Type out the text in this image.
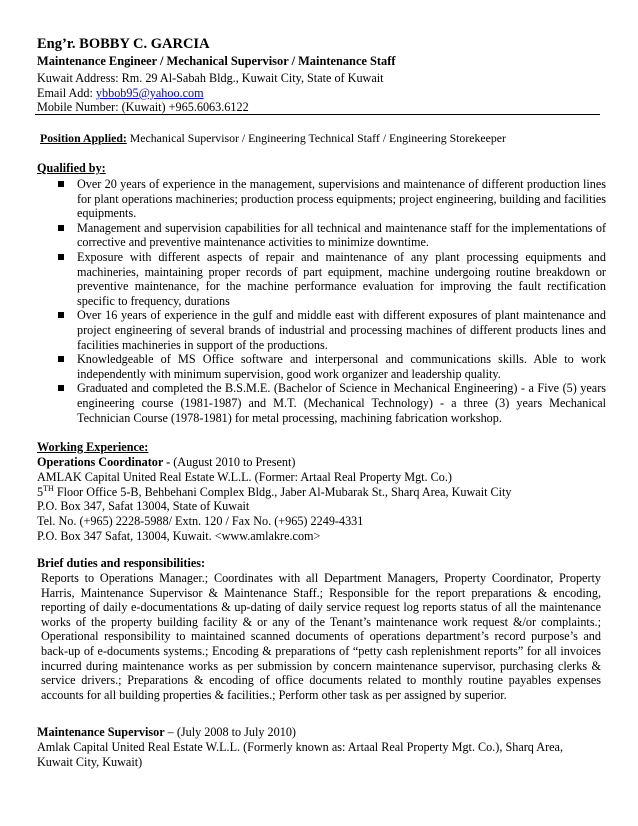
Eng’r. BOBBY C. GARCIA
Maintenance Engineer / Mechanical Supervisor / Maintenance Staff
Kuwait Address: Rm. 29 Al-Sabah Bldg., Kuwait City, State of Kuwait
Email Add: ybbob95@yahoo.com
Mobile Number: (Kuwait) +965.6063.6122
Position Applied: Mechanical Supervisor / Engineering Technical Staff / Engineering Storekeeper
Qualified by:
Over 20 years of experience in the management, supervisions and maintenance of different production lines for plant operations machineries; production process equipments; project engineering, building and facilities equipments.
Management and supervision capabilities for all technical and maintenance staff for the implementations of corrective and preventive maintenance activities to minimize downtime.
Exposure with different aspects of repair and maintenance of any plant processing equipments and machineries, maintaining proper records of part equipment, machine undergoing routine breakdown or preventive maintenance, for the machine performance evaluation for improving the fault rectification specific to frequency, durations
Over 16 years of experience in the gulf and middle east with different exposures of plant maintenance and project engineering of several brands of industrial and processing machines of different products lines and facilities machineries in support of the productions.
Knowledgeable of MS Office software and interpersonal and communications skills. Able to work independently with minimum supervision, good work organizer and leadership quality.
Graduated and completed the B.S.M.E. (Bachelor of Science in Mechanical Engineering) - a Five (5) years engineering course (1981-1987) and M.T. (Mechanical Technology) - a three (3) years Mechanical Technician Course (1978-1981) for metal processing, machining fabrication workshop.
Working Experience:
Operations Coordinator - (August 2010 to Present)
AMLAK Capital United Real Estate W.L.L. (Former: Artaal Real Property Mgt. Co.)
5TH Floor Office 5-B, Behbehani Complex Bldg., Jaber Al-Mubarak St., Sharq Area, Kuwait City
P.O. Box 347, Safat 13004, State of Kuwait
Tel. No. (+965) 2228-5988/ Extn. 120 / Fax No. (+965) 2249-4331
P.O. Box 347 Safat, 13004, Kuwait. <www.amlakre.com>
Brief duties and responsibilities:
Reports to Operations Manager.; Coordinates with all Department Managers, Property Coordinator, Property Harris, Maintenance Supervisor & Maintenance Staff.; Responsible for the report preparations & encoding, reporting of daily e-documentations & up-dating of daily service request log reports status of all the maintenance works of the property building facility & or any of the Tenant’s maintenance work request &/or complaints.; Operational responsibility to maintained scanned documents of operations department’s record purpose’s and back-up of e-documents systems.; Encoding & preparations of “petty cash replenishment reports” for all invoices incurred during maintenance works as per submission by concern maintenance supervisor, purchasing clerks & service drivers.; Preparations & encoding of office documents related to monthly routine payables expenses accounts for all building properties & facilities.; Perform other task as per assigned by superior.
Maintenance Supervisor – (July 2008 to July 2010)
Amlak Capital United Real Estate W.L.L. (Formerly known as: Artaal Real Property Mgt. Co.), Sharq Area,
Kuwait City, Kuwait)
